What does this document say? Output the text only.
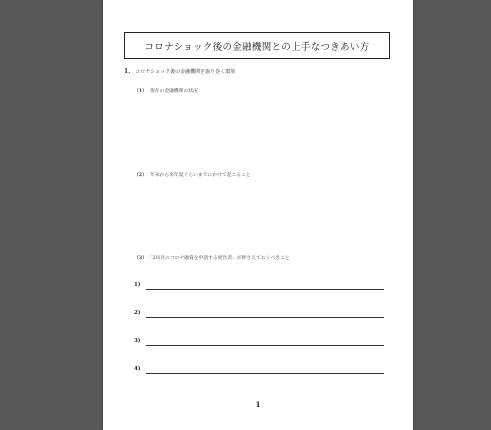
コロナショック後の金融機関との上手なつきあい方
1. コロナショック後の金融機関を取り巻く環境
（1） 現在の金融機関の状況
（2） 年末から来年夏ぐらいまでにかけて起こること
（3） 「2回目のコロナ融資を申請する経営者」が押さえておくべきこと
1)
2)
3)
4)
1
